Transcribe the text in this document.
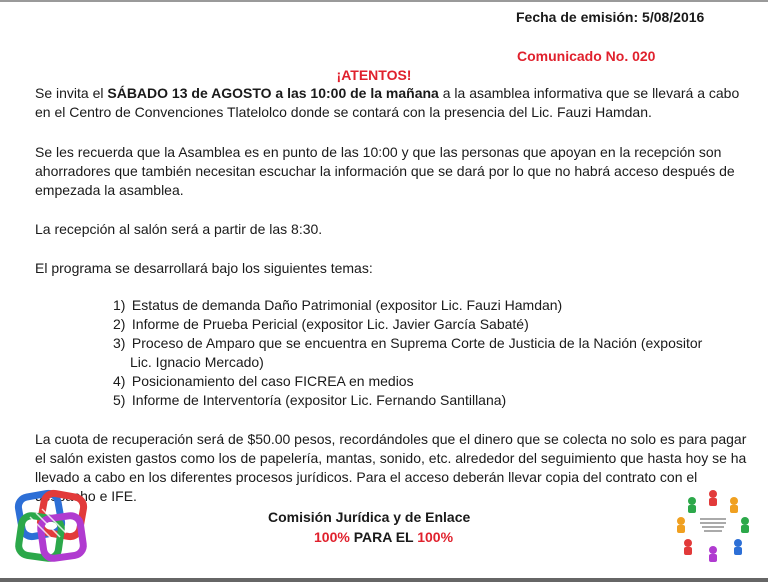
Fecha de emisión: 5/08/2016
Comunicado No. 020
¡ATENTOS!

Se invita el SÁBADO 13 de AGOSTO a las 10:00 de la mañana a la asamblea informativa que se llevará a cabo en el Centro de Convenciones Tlatelolco donde se contará con la presencia del Lic. Fauzi Hamdan.

Se les recuerda que la Asamblea es en punto de las 10:00 y que las personas que apoyan en la recepción son ahorradores que también necesitan escuchar la información que se dará por lo que no habrá acceso después de empezada la asamblea.

La recepción al salón será a partir de las 8:30.

El programa se desarrollará bajo los siguientes temas:

1) Estatus de demanda Daño Patrimonial (expositor Lic. Fauzi Hamdan)
2) Informe de Prueba Pericial (expositor Lic. Javier García Sabaté)
3) Proceso de Amparo que se encuentra en Suprema Corte de Justicia de la Nación (expositor
Lic. Ignacio Mercado)
4) Posicionamiento del caso FICREA en medios
5) Informe de Interventoría (expositor Lic. Fernando Santillana)

La cuota de recuperación será de $50.00 pesos, recordándoles que el dinero que se colecta no solo es para pagar el salón existen gastos como los de papelería, mantas, sonido, etc. alrededor del seguimiento que hasta hoy se ha llevado a cabo en los diferentes procesos jurídicos. Para el acceso deberán llevar copia del contrato con el despacho e IFE.

Comisión Jurídica y de Enlace
100% PARA EL 100%
